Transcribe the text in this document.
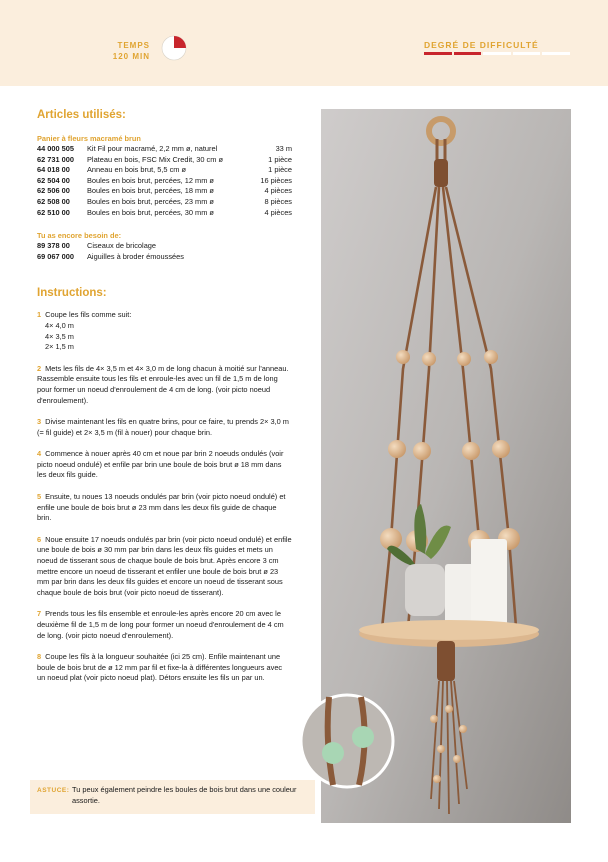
TEMPS
120 MIN
DEGRÉ DE DIFFICULTÉ
Articles utilisés:
Panier à fleurs macramé brun
44 000 505	Kit Fil pour macramé, 2,2 mm ø, naturel	33 m
62 731 000	Plateau en bois, FSC Mix Credit, 30 cm ø	1 pièce
64 018 00	Anneau en bois brut, 5,5 cm ø	1 pièce
62 504 00	Boules en bois brut, percées, 12 mm ø	16 pièces
62 506 00	Boules en bois brut, percées, 18 mm ø	4 pièces
62 508 00	Boules en bois brut, percées, 23 mm ø	8 pièces
62 510 00	Boules en bois brut, percées, 30 mm ø	4 pièces
Tu as encore besoin de:
89 378 00	Ciseaux de bricolage
69 067 000	Aiguilles à broder émoussées
Instructions:
1 Coupe les fils comme suit:
4× 4,0 m
4× 3,5 m
2× 1,5 m
2 Mets les fils de 4× 3,5 m et 4× 3,0 m de long chacun à moitié sur l'anneau. Rassemble ensuite tous les fils et enroule-les avec un fil de 1,5 m de long pour former un noeud d'enroulement de 4 cm de long. (voir picto noeud d'enroulement).
3 Divise maintenant les fils en quatre brins, pour ce faire, tu prends 2× 3,0 m (= fil guide) et 2× 3,5 m (fil à nouer) pour chaque brin.
4 Commence à nouer après 40 cm et noue par brin 2 noeuds ondulés (voir picto noeud ondulé) et enfile par brin une boule de bois brut ø 18 mm dans les deux fils guide.
5 Ensuite, tu noues 13 noeuds ondulés par brin (voir picto noeud ondulé) et enfile une boule de bois brut ø 23 mm dans les deux fils guide de chaque brin.
6 Noue ensuite 17 noeuds ondulés par brin (voir picto noeud ondulé) et enfile une boule de bois ø 30 mm par brin dans les deux fils guides et mets un noeud de tisserant sous de chaque boule de bois brut. Après encore 3 cm mettre encore un noeud de tisserant et enfiler une boule de bois brut ø 23 mm par brin dans les deux fils guides et encore un noeud de tisserant sous chaque boule de bois brut (voir picto noeud de tisserant).
7 Prends tous les fils ensemble et enroule-les après encore 20 cm avec le deuxième fil de 1,5 m de long pour former un noeud d'enroulement de 4 cm de long. (voir picto noeud d'enroulement).
8 Coupe les fils à la longueur souhaitée (ici 25 cm). Enfile maintenant une boule de bois brut de ø 12 mm par fil et fixe-la à différentes longueurs avec un noeud plat (voir picto noeud plat). Détors ensuite les fils un par un.
ASTUCE: Tu peux également peindre les boules de bois brut dans une couleur assortie.
